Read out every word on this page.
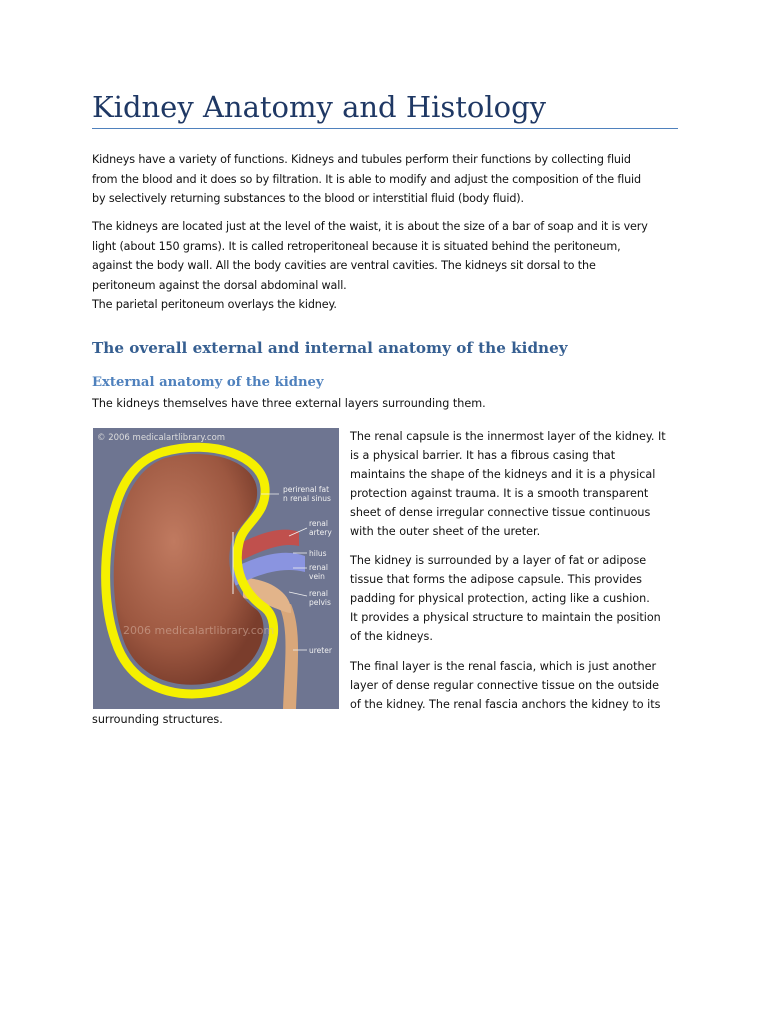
Kidney Anatomy and Histology

Kidneys have a variety of functions. Kidneys and tubules perform their functions by collecting fluid
from the blood and it does so by filtration. It is able to modify and adjust the composition of the fluid
by selectively returning substances to the blood or interstitial fluid (body fluid).

The kidneys are located just at the level of the waist, it is about the size of a bar of soap and it is very
light (about 150 grams). It is called retroperitoneal because it is situated behind the peritoneum,
against the body wall. All the body cavities are ventral cavities. The kidneys sit dorsal to the
peritoneum against the dorsal abdominal wall.
The parietal peritoneum overlays the kidney.

The overall external and internal anatomy of the kidney
External anatomy of the kidney

The kidneys themselves have three external layers surrounding them.

© 2006 medicalartlibrary.com
2006 medicalartlibrary.com
perirenal fat
n renal sinus
renal
artery
hilus
renal
vein
renal
pelvis
ureter

The renal capsule is the innermost layer of the kidney. It
is a physical barrier. It has a fibrous casing that
maintains the shape of the kidneys and it is a physical
protection against trauma. It is a smooth transparent
sheet of dense irregular connective tissue continuous
with the outer sheet of the ureter.

The kidney is surrounded by a layer of fat or adipose
tissue that forms the adipose capsule. This provides
padding for physical protection, acting like a cushion.
It provides a physical structure to maintain the position
of the kidneys.

The final layer is the renal fascia, which is just another
layer of dense regular connective tissue on the outside
of the kidney. The renal fascia anchors the kidney to its

surrounding structures.
